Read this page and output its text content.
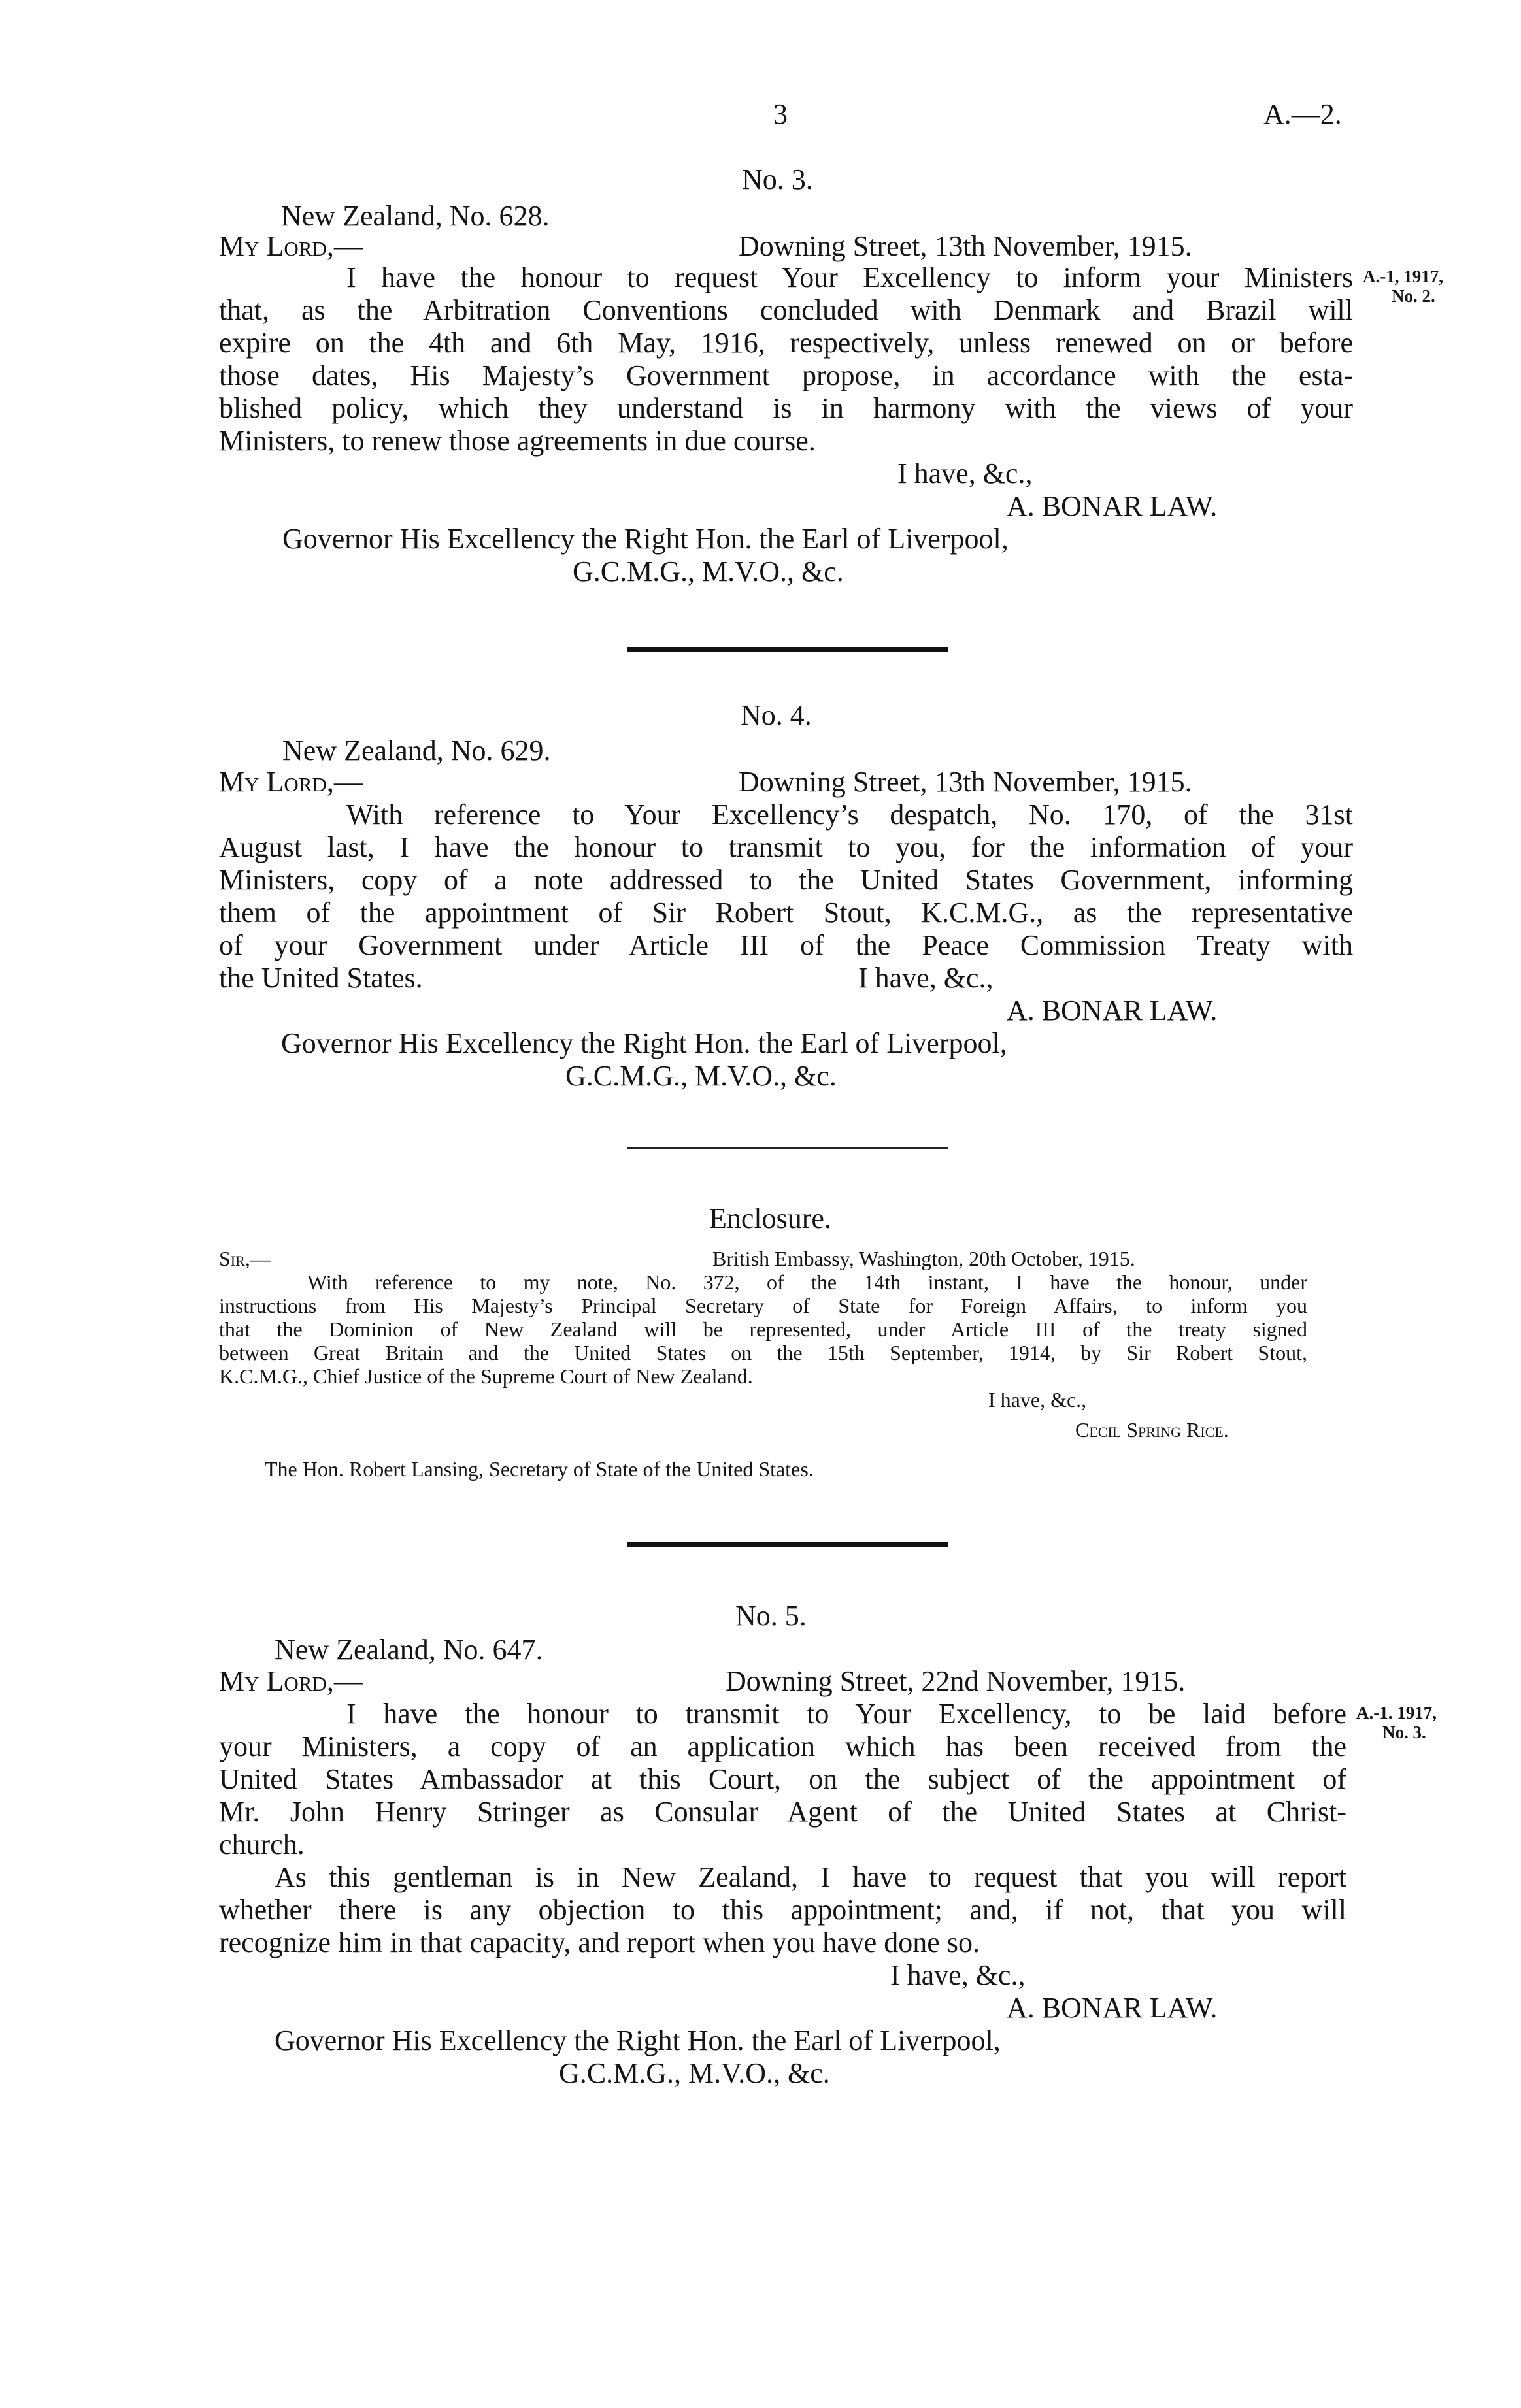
3	A.—2.
No. 3.
New Zealand, No. 628.
My Lord,—	Downing Street, 13th November, 1915.
I have the honour to request Your Excellency to inform your Ministers
that, as the Arbitration Conventions concluded with Denmark and Brazil will
expire on the 4th and 6th May, 1916, respectively, unless renewed on or before
those dates, His Majesty’s Government propose, in accordance with the esta-
blished policy, which they understand is in harmony with the views of your
Ministers, to renew those agreements in due course.
A.-1, 1917,
No. 2.
I have, &c.,
A. BONAR LAW.
Governor His Excellency the Right Hon. the Earl of Liverpool,
G.C.M.G., M.V.O., &c.
No. 4.
New Zealand, No. 629.
My Lord,—	Downing Street, 13th November, 1915.
With reference to Your Excellency’s despatch, No. 170, of the 31st
August last, I have the honour to transmit to you, for the information of your
Ministers, copy of a note addressed to the United States Government, informing
them of the appointment of Sir Robert Stout, K.C.M.G., as the representative
of your Government under Article III of the Peace Commission Treaty with
the United States.	I have, &c.,
A. BONAR LAW.
Governor His Excellency the Right Hon. the Earl of Liverpool,
G.C.M.G., M.V.O., &c.
Enclosure.
Sir,—	British Embassy, Washington, 20th October, 1915.
With reference to my note, No. 372, of the 14th instant, I have the honour, under
instructions from His Majesty’s Principal Secretary of State for Foreign Affairs, to inform you
that the Dominion of New Zealand will be represented, under Article III of the treaty signed
between Great Britain and the United States on the 15th September, 1914, by Sir Robert Stout,
K.C.M.G., Chief Justice of the Supreme Court of New Zealand.
I have, &c.,
Cecil Spring Rice.
The Hon. Robert Lansing, Secretary of State of the United States.
No. 5.
New Zealand, No. 647.
My Lord,—	Downing Street, 22nd November, 1915.
I have the honour to transmit to Your Excellency, to be laid before
your Ministers, a copy of an application which has been received from the
United States Ambassador at this Court, on the subject of the appointment of
Mr. John Henry Stringer as Consular Agent of the United States at Christ-
church.
As this gentleman is in New Zealand, I have to request that you will report
whether there is any objection to this appointment; and, if not, that you will
recognize him in that capacity, and report when you have done so.
A.-1. 1917,
No. 3.
I have, &c.,
A. BONAR LAW.
Governor His Excellency the Right Hon. the Earl of Liverpool,
G.C.M.G., M.V.O., &c.
